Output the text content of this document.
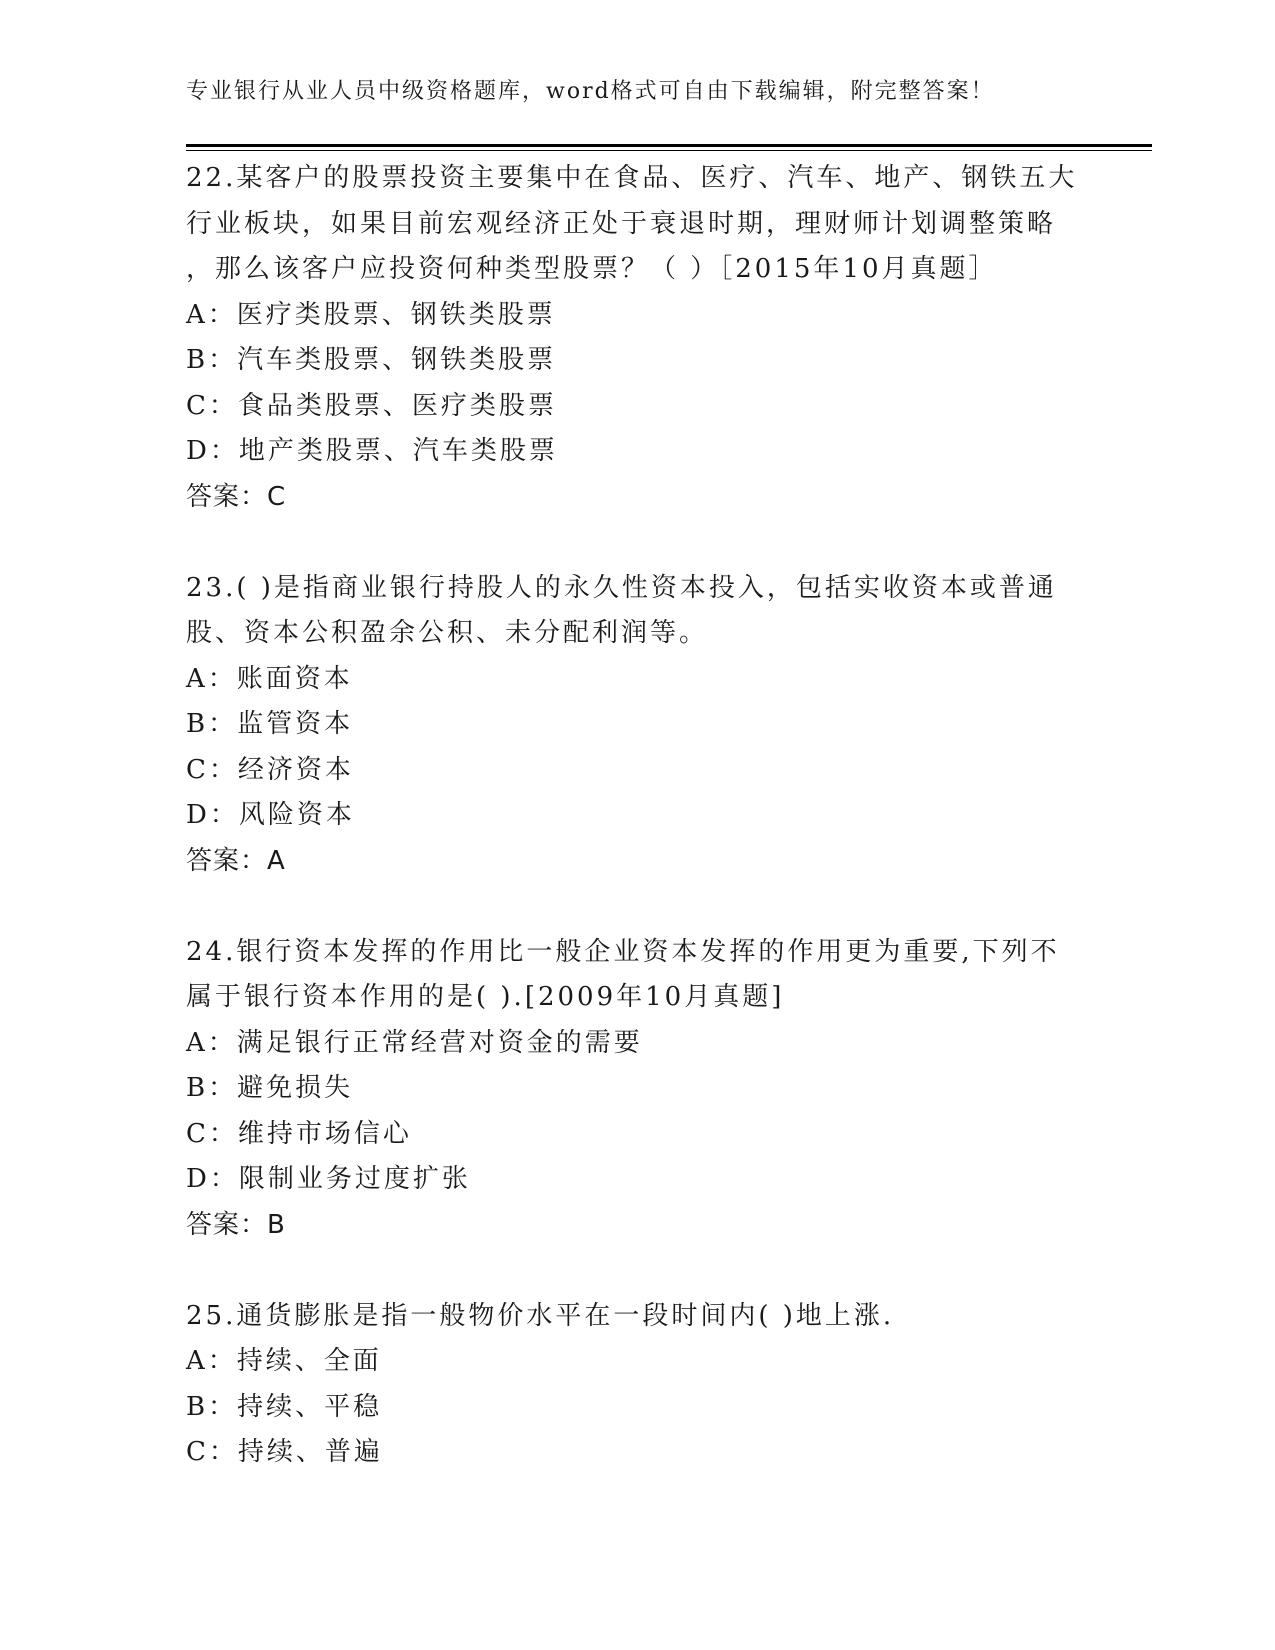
专业银行从业人员中级资格题库，word格式可自由下载编辑，附完整答案！
22.某客户的股票投资主要集中在食品、医疗、汽车、地产、钢铁五大
行业板块，如果目前宏观经济正处于衰退时期，理财师计划调整策略
，那么该客户应投资何种类型股票？（ ）［2015年10月真题］
A：医疗类股票、钢铁类股票
B：汽车类股票、钢铁类股票
C：食品类股票、医疗类股票
D：地产类股票、汽车类股票
答案：C
23.( )是指商业银行持股人的永久性资本投入，包括实收资本或普通
股、资本公积盈余公积、未分配利润等。
A：账面资本
B：监管资本
C：经济资本
D：风险资本
答案：A
24.银行资本发挥的作用比一般企业资本发挥的作用更为重要,下列不
属于银行资本作用的是( ).[2009年10月真题]
A：满足银行正常经营对资金的需要
B：避免损失
C：维持市场信心
D：限制业务过度扩张
答案：B
25.通货膨胀是指一般物价水平在一段时间内( )地上涨.
A：持续、全面
B：持续、平稳
C：持续、普遍
